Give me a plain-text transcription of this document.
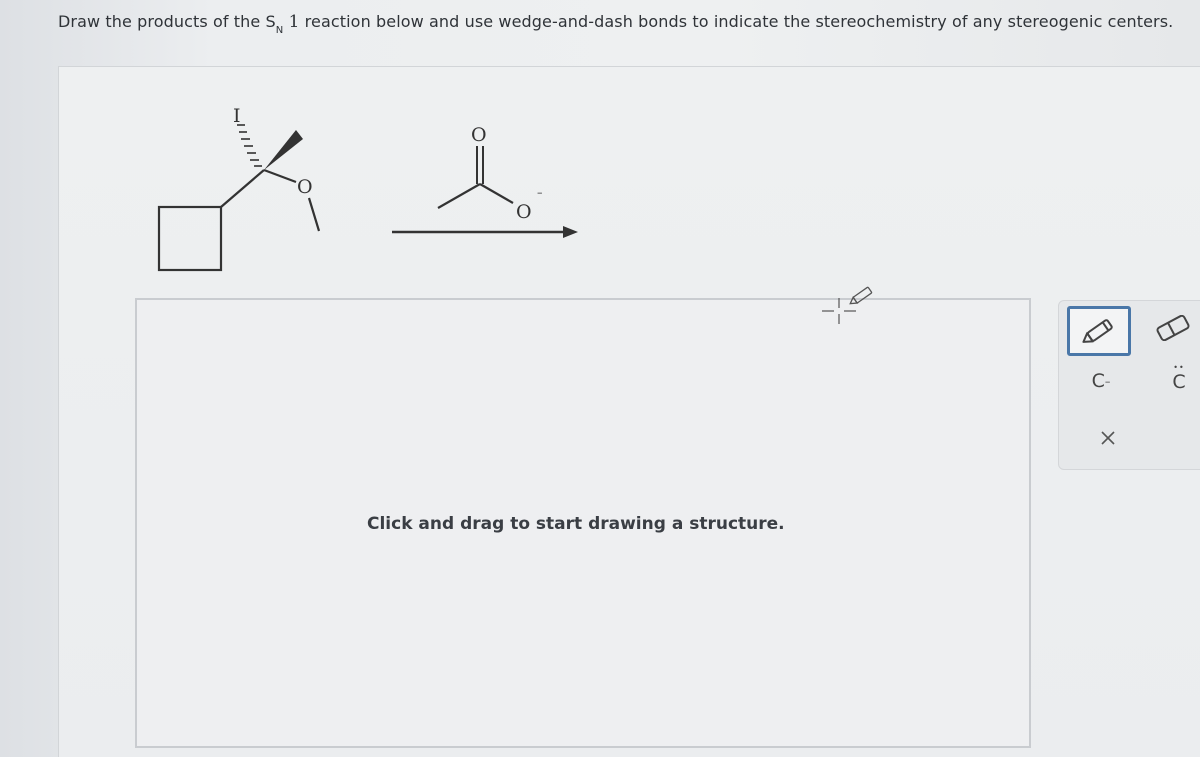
Draw the products of the $S_N$ 1 reaction below and use wedge-and-dash bonds to indicate the stereochemistry of any stereogenic centers.
I
O
O
O
–
Click and drag to start drawing a structure.
C –
••
C
